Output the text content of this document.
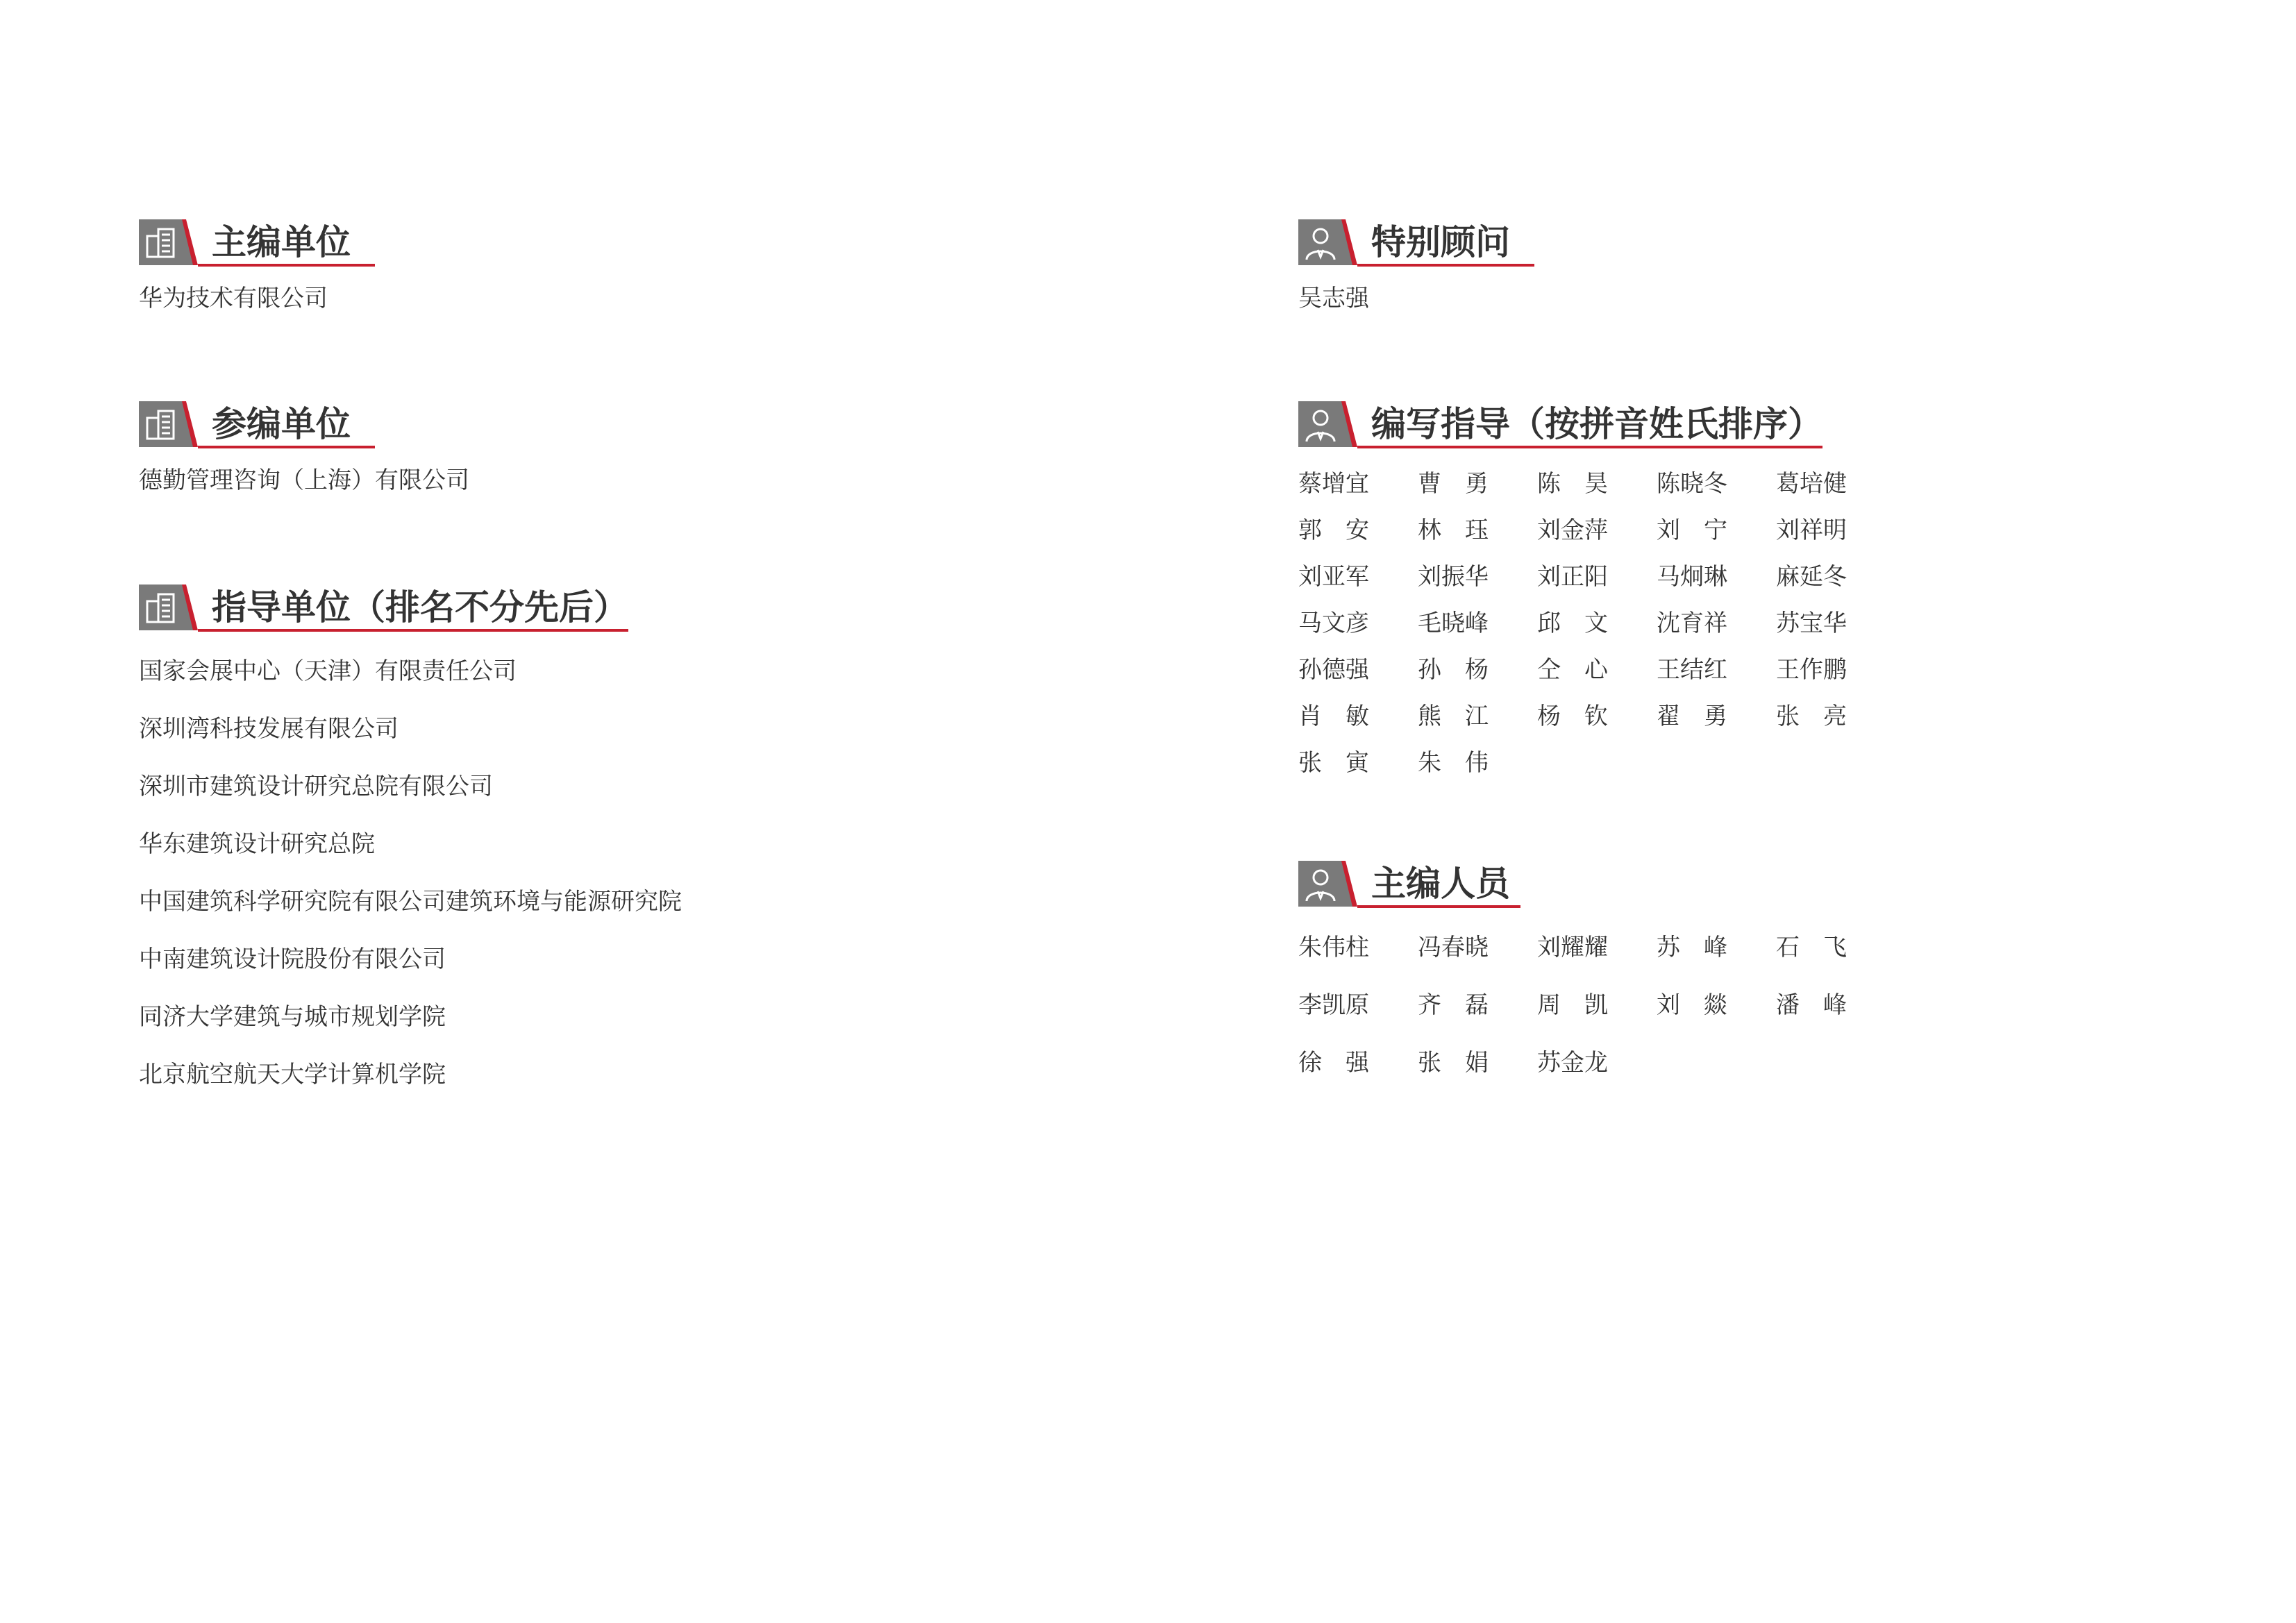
主编单位
华为技术有限公司
参编单位
德勤管理咨询（上海）有限公司
指导单位（排名不分先后）
国家会展中心（天津）有限责任公司
深圳湾科技发展有限公司
深圳市建筑设计研究总院有限公司
华东建筑设计研究总院
中国建筑科学研究院有限公司建筑环境与能源研究院
中南建筑设计院股份有限公司
同济大学建筑与城市规划学院
北京航空航天大学计算机学院
特别顾问
吴志强
编写指导（按拼音姓氏排序）
蔡增宜	曹　勇	陈　昊	陈晓冬	葛培健
郭　安	林　珏	刘金萍	刘　宁	刘祥明
刘亚军	刘振华	刘正阳	马炯琳	麻延冬
马文彦	毛晓峰	邱　文	沈育祥	苏宝华
孙德强	孙　杨	仝　心	王结红	王作鹏
肖　敏	熊　江	杨　钦	翟　勇	张　亮
张　寅	朱　伟
主编人员
朱伟柱	冯春晓	刘耀耀	苏　峰	石　飞
李凯原	齐　磊	周　凯	刘　燚	潘　峰
徐　强	张　娟	苏金龙
